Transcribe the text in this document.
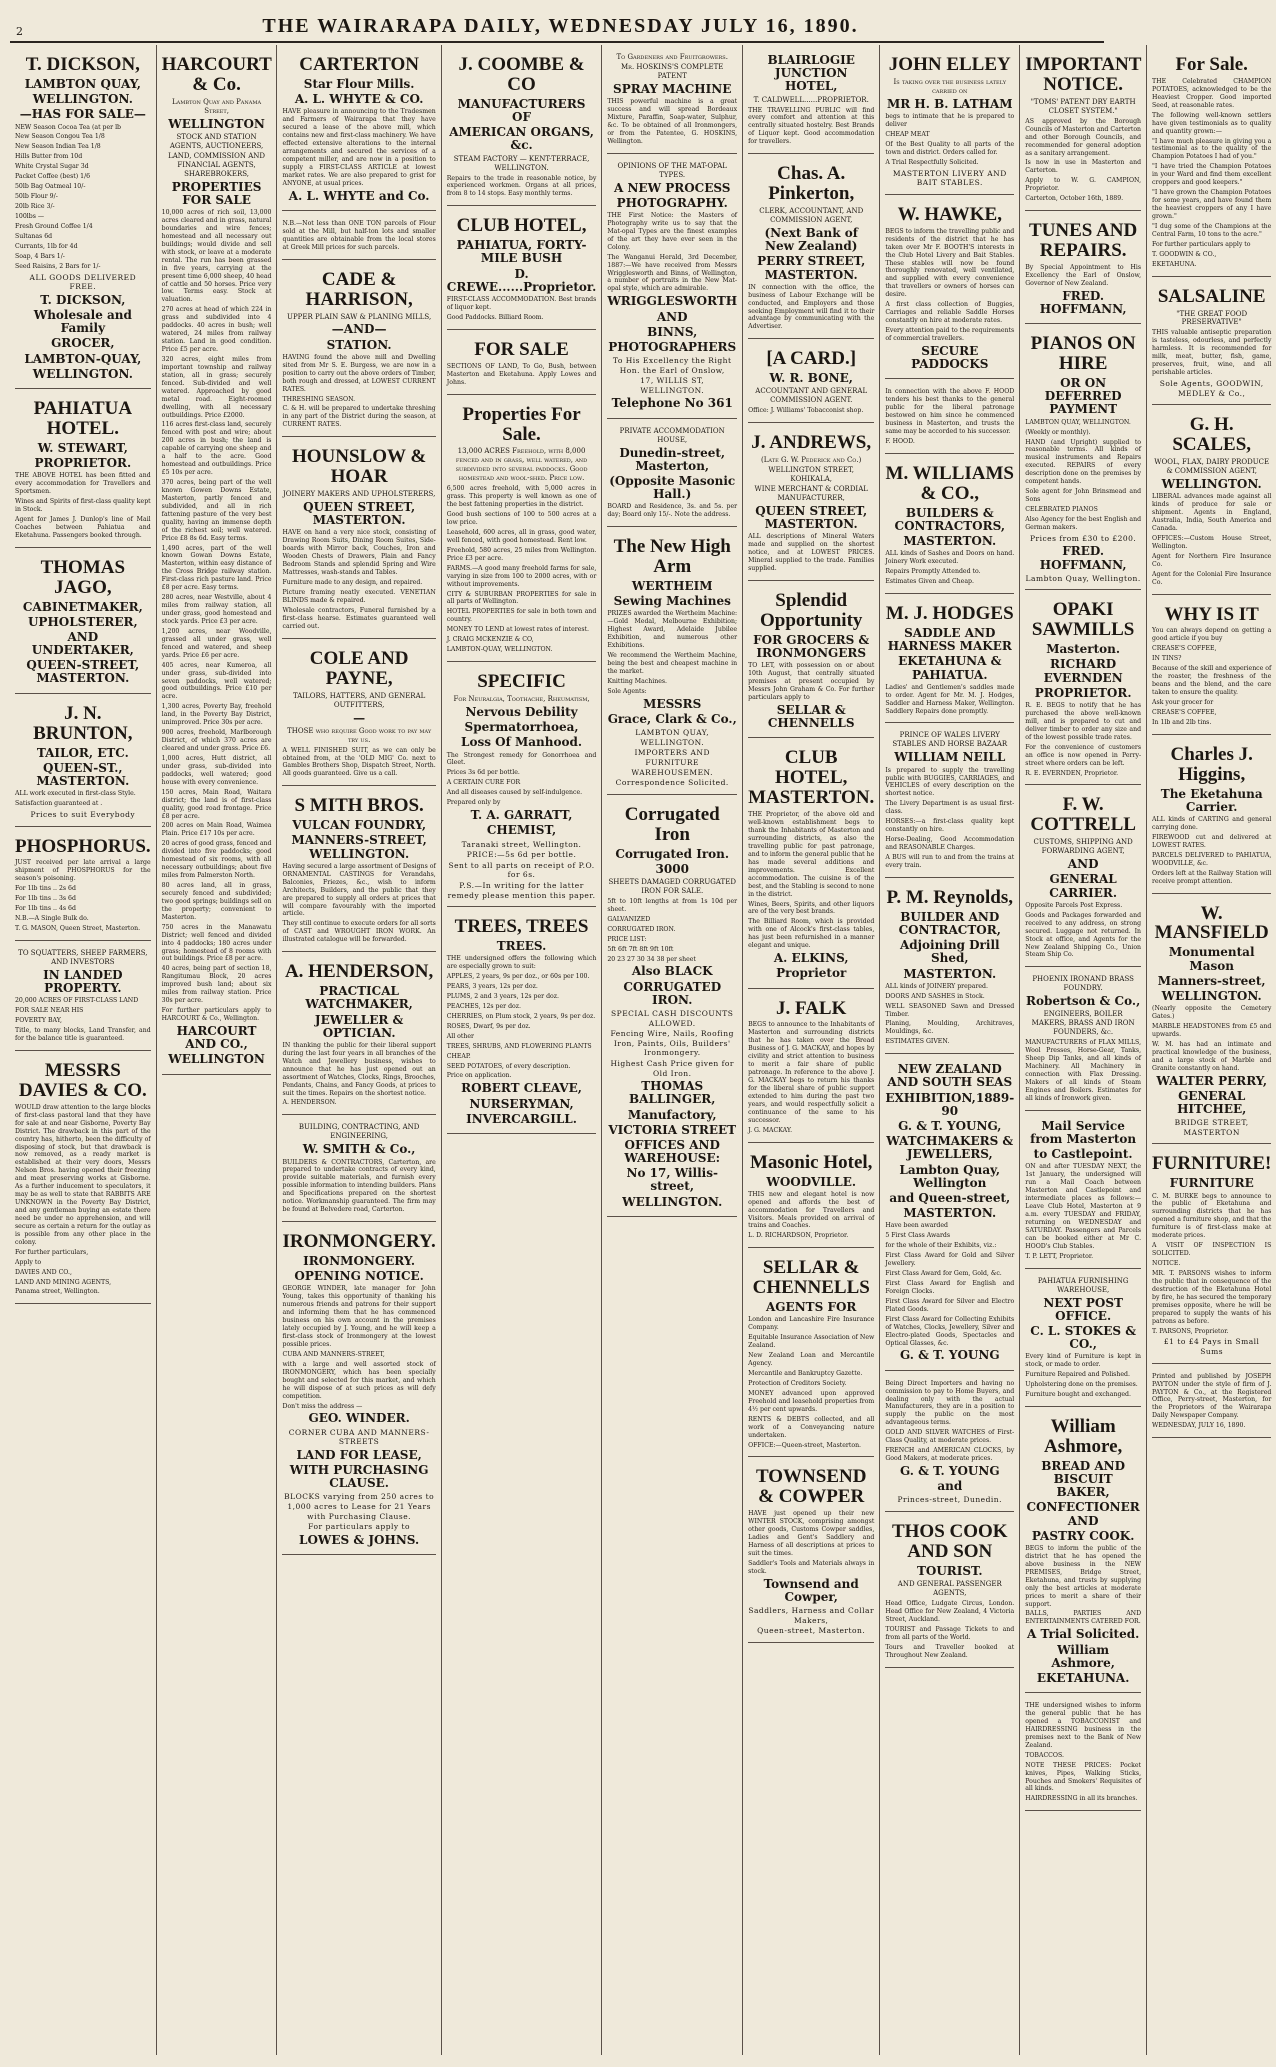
2	THE WAIRARAPA DAILY, WEDNESDAY JULY 16, 1890.
T. DICKSON,
LAMBTON QUAY,
WELLINGTON.
—HAS FOR SALE—
NEW Season Cocoa Tea (at per lb
New Season Congou Tea 1/8
New Season Indian Tea 1/8
Hills Butter from 10d
White Crystal Sugar 3d
Packet Coffee (best) 1/6
50lb Bag Oatmeal 10/-
50lb Flour 9/-
20lb Rice 3/-
100lbs —
Fresh Ground Coffee 1/4
Sultanas 6d
Currants, 1lb for 4d
Soap, 4 Bars 1/-
Seed Raisins, 2 Bars for 1/-
ALL GOODS DELIVERED FREE.
T. DICKSON,
Wholesale and Family
GROCER,
LAMBTON-QUAY,
WELLINGTON.
PAHIATUA HOTEL.
W. STEWART,
PROPRIETOR.
THE ABOVE HOTEL has been fitted and every accommodation for Travellers and Sportsmen.
Wines and Spirits of first-class quality kept in Stock.
Agent for James J. Dunlop's line of Mail Coaches between Pahiatua and Eketahuna. Passengers booked through.
THOMAS JAGO,
CABINETMAKER,
UPHOLSTERER,
AND UNDERTAKER,
QUEEN-STREET, MASTERTON.
J. N. BRUNTON,
TAILOR, ETC.
QUEEN-ST., MASTERTON.
ALL work executed in first-class Style.
Satisfaction guaranteed at .
Prices to suit Everybody
PHOSPHORUS.
JUST received per late arrival a large shipment of PHOSPHORUS for the season's poisoning.
For 1lb tins .. 2s 6d
For 1lb tins .. 3s 6d
For 1lb tins .. 4s 6d
N.B.—A Single Bulk do.
T. G. MASON, Queen Street, Masterton.
TO SQUATTERS, SHEEP FARMERS, AND INVESTORS
IN LANDED PROPERTY.
20,000 ACRES OF FIRST-CLASS LAND
FOR SALE NEAR HIS
FOVERTY BAY,
Title, to many blocks, Land Transfer, and for the balance title is guaranteed.
MESSRS DAVIES & CO.
WOULD draw attention to the large blocks of first-class pastoral land that they have for sale at and near Gisborne, Poverty Bay District. The drawback in this part of the country has, hitherto, been the difficulty of disposing of stock, but that drawback is now removed, as a ready market is established at their very doors, Messrs Nelson Bros. having opened their freezing and meat preserving works at Gisborne. As a further inducement to speculators, it may be as well to state that RABBITS ARE UNKNOWN in the Poverty Bay District, and any gentleman buying an estate there need be under no apprehension, and will secure as certain a return for the outlay as is possible from any other place in the colony.
For further particulars,
Apply to
DAVIES AND CO.,
LAND AND MINING AGENTS,
Panama street, Wellington.
HARCOURT & Co.
Lambton Quay and Panama Street,
WELLINGTON
STOCK AND STATION AGENTS, AUCTIONEERS,
LAND, COMMISSION AND FINANCIAL AGENTS, SHAREBROKERS,
PROPERTIES FOR SALE
10,000 acres of rich soil, 13,000 acres cleared and in grass, natural boundaries and wire fences; homestead and all necessary out buildings; would divide and sell with stock, or leave at a moderate rental. The run has been grassed in five years, carrying at the present time 6,000 sheep, 40 head of cattle and 50 horses. Price very low. Terms easy. Stock at valuation.
270 acres at head of which 224 in grass and subdivided into 4 paddocks. 40 acres in bush; well watered, 24 miles from railway station. Land in good condition. Price £5 per acre.
320 acres, eight miles from important township and railway station, all in grass; securely fenced. Sub-divided and well watered. Approached by good metal road. Eight-roomed dwelling, with all necessary outbuildings. Price £2000.
116 acres first-class land, securely fenced with post and wire; about 200 acres in bush; the land is capable of carrying one sheep and a half to the acre. Good homestead and outbuildings. Price £5 10s per acre.
370 acres, being part of the well known Gowen Downs Estate, Masterton, partly fenced and subdivided, and all in rich fattening pasture of the very best quality, having an immense depth of the richest soil; well watered. Price £8 8s 6d. Easy terms.
1,490 acres, part of the well known Gowan Downs Estate, Masterton, within easy distance of the Cross Bridge railway station. First-class rich pasture land. Price £8 per acre. Easy terms.
280 acres, near Westville, about 4 miles from railway station, all under grass, good homestead and stock yards. Price £3 per acre.
1,200 acres, near Woodville, grassed all under grass, well fenced and watered, and sheep yards. Price £6 per acre.
405 acres, near Kumeroa, all under grass, sub-divided into seven paddocks, well watered; good outbuildings. Price £10 per acre.
1,300 acres, Poverty Bay, freehold land, in the Poverty Bay District, unimproved. Price 30s per acre.
900 acres, freehold, Marlborough District, of which 370 acres are cleared and under grass. Price £6.
1,000 acres, Hutt district, all under grass, sub-divided into paddocks, well watered; good house with every convenience.
150 acres, Main Road, Waitara district; the land is of first-class quality, good road frontage. Price £8 per acre.
200 acres on Main Road, Waimea Plain. Price £17 10s per acre.
20 acres of good grass, fenced and divided into five paddocks; good homestead of six rooms, with all necessary outbuildings; about five miles from Palmerston North.
80 acres land, all in grass, securely fenced and subdivided; two good springs; buildings sell on the property; convenient to Masterton.
750 acres in the Manawatu District; well fenced and divided into 4 paddocks; 180 acres under grass; homestead of 8 rooms with out buildings. Price £8 per acre.
40 acres, being part of section 18, Rangitumau Block, 20 acres improved bush land; about six miles from railway station. Price 30s per acre.
For further particulars apply to HARCOURT & Co., Wellington.
HARCOURT AND CO.,
WELLINGTON
CARTERTON
Star Flour Mills.
A. L. WHYTE & CO.
HAVE pleasure in announcing to the Tradesmen and Farmers of Wairarapa that they have secured a lease of the above mill, which contains new and first-class machinery. We have effected extensive alterations to the internal arrangements and secured the services of a competent miller, and are now in a position to supply a FIRST-CLASS ARTICLE at lowest market rates. We are also prepared to grist for ANYONE, at usual prices.
A. L. WHYTE and Co.
N.B.—Not less than ONE TON parcels of Flour sold at the Mill, but half-ton lots and smaller quantities are obtainable from the local stores at Greek Mill prices for such parcels.
CADE & HARRISON,
UPPER PLAIN SAW & PLANING MILLS,
—AND—
STATION.
HAVING found the above mill and Dwelling sited from Mr S. E. Burgess, we are now in a position to carry out the above orders of Timber, both rough and dressed, at LOWEST CURRENT RATES.
THRESHING SEASON.
C. & H. will be prepared to undertake threshing in any part of the District during the season, at CURRENT RATES.
HOUNSLOW & HOAR
JOINERY MAKERS AND UPHOLSTERERS,
QUEEN STREET, MASTERTON.
HAVE on hand a very nice stock, consisting of Drawing Room Suits, Dining Room Suites, Side-boards with Mirror back, Couches, Iron and Wooden Chests of Drawers, Plain and Fancy Bedroom Stands and splendid Spring and Wire Mattresses, wash-stands and Tables.
Furniture made to any design, and repaired.
Picture framing neatly executed. VENETIAN BLINDS made & repaired.
Wholesale contractors, Funeral furnished by a first-class hearse. Estimates guaranteed well carried out.
COLE AND PAYNE,
TAILORS, HATTERS, AND GENERAL OUTFITTERS,
—
THOSE who require Good work to pay may try us.
A WELL FINISHED SUIT, as we can only be obtained from, at the 'OLD MIG' Co. next to Gambles Brothers Shop, Dispatch Street, North. All goods guaranteed. Give us a call.
S MITH BROS.
VULCAN FOUNDRY,
MANNERS-STREET, WELLINGTON.
Having secured a large assortment of Designs of ORNAMENTAL CASTINGS for Verandahs, Balconies, Friezes, &c., wish to inform Architects, Builders, and the public that they are prepared to supply all orders at prices that will compare favourably with the imported article.
They still continue to execute orders for all sorts of CAST and WROUGHT IRON WORK. An illustrated catalogue will be forwarded.
A. HENDERSON,
PRACTICAL WATCHMAKER,
JEWELLER & OPTICIAN.
IN thanking the public for their liberal support during the last four years in all branches of the Watch and Jewellery business, wishes to announce that he has just opened out an assortment of Watches, Clocks, Rings, Brooches, Pendants, Chains, and Fancy Goods, at prices to suit the times. Repairs on the shortest notice.
A. HENDERSON.
BUILDING, CONTRACTING, AND ENGINEERING,
W. SMITH & Co.,
BUILDERS & CONTRACTORS, Carterton, are prepared to undertake contracts of every kind, provide suitable materials, and furnish every possible information to intending builders. Plans and Specifications prepared on the shortest notice. Workmanship guaranteed. The firm may be found at Belvedere road, Carterton.
IRONMONGERY.
IRONMONGERY.
OPENING NOTICE.
GEORGE WINDER, late manager for John Young, takes this opportunity of thanking his numerous friends and patrons for their support and informing them that he has commenced business on his own account in the premises lately occupied by J. Young, and he will keep a first-class stock of Ironmongery at the lowest possible prices.
CUBA AND MANNERS-STREET,
with a large and well assorted stock of IRONMONGERY, which has been specially bought and selected for this market, and which he will dispose of at such prices as will defy competition.
Don't miss the address —
GEO. WINDER.
CORNER CUBA AND MANNERS-STREETS
LAND FOR LEASE,
WITH PURCHASING CLAUSE.
BLOCKS varying from 250 acres to 1,000 acres to Lease for 21 Years with Purchasing Clause.
For particulars apply to
LOWES & JOHNS.
J. COOMBE & CO
MANUFACTURERS OF
AMERICAN ORGANS, &c.
STEAM FACTORY — KENT-TERRACE, WELLINGTON.
Repairs to the trade in reasonable notice, by experienced workmen. Organs at all prices, from 8 to 14 stops. Easy monthly terms.
CLUB HOTEL,
PAHIATUA, FORTY-MILE BUSH
D. CREWE......Proprietor.
FIRST-CLASS ACCOMMODATION. Best brands of liquor kept.
Good Paddocks. Billiard Room.
FOR SALE
SECTIONS OF LAND, To Go, Bush, between Masterton and Eketahuna. Apply Lowes and Johns.
Properties For Sale.
13,000 ACRES Freehold, with 8,000 fenced and in grass, well watered, and subdivided into several paddocks. Good homestead and wool-shed. Price low.
6,500 acres freehold, with 5,000 acres in grass. This property is well known as one of the best fattening properties in the district.
Good bush sections of 100 to 500 acres at a low price.
Leasehold, 600 acres, all in grass, good water, well fenced, with good homestead. Rent low.
Freehold, 580 acres, 25 miles from Wellington. Price £3 per acre.
FARMS.—A good many freehold farms for sale, varying in size from 100 to 2000 acres, with or without improvements.
CITY & SUBURBAN PROPERTIES for sale in all parts of Wellington.
HOTEL PROPERTIES for sale in both town and country.
MONEY TO LEND at lowest rates of interest.
J. CRAIG MCKENZIE & CO,
LAMBTON-QUAY, WELLINGTON.
SPECIFIC
For Neuralgia, Toothache, Rheumatism,
Nervous Debility
Spermatorrhoea,
Loss Of Manhood.
The Strongest remedy for Gonorrhoea and Gleet.
Prices 3s 6d per bottle.
A CERTAIN CURE FOR
And all diseases caused by self-indulgence.
Prepared only by
T. A. GARRATT,
CHEMIST,
Taranaki street, Wellington.
PRICE:—5s 6d per bottle.
Sent to all parts on receipt of P.O. for 6s.
P.S.—In writing for the latter remedy please mention this paper.
TREES, TREES
TREES.
THE undersigned offers the following which are especially grown to suit:
APPLES, 2 years, 9s per doz., or 60s per 100.
PEARS, 3 years, 12s per doz.
PLUMS, 2 and 3 years, 12s per doz.
PEACHES, 12s per doz.
CHERRIES, on Plum stock, 2 years, 9s per doz.
ROSES, Dwarf, 9s per doz.
All other
TREES, SHRUBS, AND FLOWERING PLANTS
CHEAP.
SEED POTATOES, of every description.
Price on application.
ROBERT CLEAVE,
NURSERYMAN,
INVERCARGILL.
To Gardeners and Fruitgrowers.
Mr. HOSKINS'S COMPLETE PATENT
SPRAY MACHINE
THIS powerful machine is a great success and will spread Bordeaux Mixture, Paraffin, Soap-water, Sulphur, &c. To be obtained of all Ironmongers, or from the Patentee, G. HOSKINS, Wellington.
OPINIONS OF THE MAT-OPAL TYPES.
A NEW PROCESS
PHOTOGRAPHY.
THE First Notice: the Masters of Photography write us to say that the Mat-opal Types are the finest examples of the art they have ever seen in the Colony.
The Wanganui Herald, 3rd December, 1887:—We have received from Messrs Wrigglesworth and Binns, of Wellington, a number of portraits in the New Mat-opal style, which are admirable.
WRIGGLESWORTH
AND
BINNS,
PHOTOGRAPHERS
To His Excellency the Right Hon. the Earl of Onslow,
17, WILLIS ST, WELLINGTON.
Telephone No 361
PRIVATE ACCOMMODATION HOUSE,
Dunedin-street, Masterton,
(Opposite Masonic Hall.)
BOARD and Residence, 3s. and 5s. per day; Board only 15/-. Note the address.
The New High Arm
WERTHEIM
Sewing Machines
PRIZES awarded the Wertheim Machine:—Gold Medal, Melbourne Exhibition; Highest Award, Adelaide Jubilee Exhibition, and numerous other Exhibitions.
We recommend the Wertheim Machine, being the best and cheapest machine in the market.
Knitting Machines.
Sole Agents:
MESSRS
Grace, Clark & Co.,
LAMBTON QUAY, WELLINGTON.
IMPORTERS AND FURNITURE WAREHOUSEMEN.
Correspondence Solicited.
Corrugated Iron
Corrugated Iron.
3000
SHEETS DAMAGED CORRUGATED IRON FOR SALE.
5ft to 10ft lengths at from 1s 10d per sheet.
GALVANIZED
CORRUGATED IRON.
PRICE LIST:
5ft 6ft 7ft 8ft 9ft 10ft
20 23 27 30 34 38 per sheet
Also BLACK
CORRUGATED IRON.
SPECIAL CASH DISCOUNTS ALLOWED.
Fencing Wire, Nails, Roofing Iron, Paints, Oils, Builders' Ironmongery.
Highest Cash Price given for Old Iron.
THOMAS BALLINGER,
Manufactory,
VICTORIA STREET
OFFICES AND WAREHOUSE:
No 17, Willis-street,
WELLINGTON.
BLAIRLOGIE JUNCTION HOTEL,
T. CALDWELL......PROPRIETOR.
THE TRAVELLING PUBLIC will find every comfort and attention at this centrally situated hostelry. Best Brands of Liquor kept. Good accommodation for travellers.
Chas. A. Pinkerton,
CLERK, ACCOUNTANT, AND COMMISSION AGENT,
(Next Bank of New Zealand)
PERRY STREET, MASTERTON.
IN connection with the office, the business of Labour Exchange will be conducted, and Employers and those seeking Employment will find it to their advantage by communicating with the Advertiser.
[A CARD.]
W. R. BONE,
ACCOUNTANT AND GENERAL COMMISSION AGENT.
Office: J. Williams' Tobacconist shop.
J. ANDREWS,
(Late G. W. Pederick and Co.)
WELLINGTON STREET, KOHIKALA,
WINE MERCHANT & CORDIAL MANUFACTURER,
QUEEN STREET, MASTERTON.
ALL descriptions of Mineral Waters made and supplied on the shortest notice, and at LOWEST PRICES. Mineral supplied to the trade. Families supplied.
Splendid Opportunity
FOR GROCERS & IRONMONGERS
TO LET, with possession on or about 10th August, that centrally situated premises at present occupied by Messrs John Graham & Co. For further particulars apply to
SELLAR & CHENNELLS
CLUB HOTEL, MASTERTON.
THE Proprietor, of the above old and well-known establishment begs to thank the Inhabitants of Masterton and surrounding districts, as also the travelling public for past patronage, and to inform the general public that he has made several additions and improvements. Excellent accommodation. The cuisine is of the best, and the Stabling is second to none in the district.
Wines, Beers, Spirits, and other liquors are of the very best brands.
The Billiard Room, which is provided with one of Alcock's first-class tables, has just been refurnished in a manner elegant and unique.
A. ELKINS,
Proprietor
J. FALK
BEGS to announce to the Inhabitants of Masterton and surrounding districts that he has taken over the Bread Business of J. G. MACKAY, and hopes by civility and strict attention to business to merit a fair share of public patronage. In reference to the above J. G. MACKAY begs to return his thanks for the liberal share of public support extended to him during the past two years, and would respectfully solicit a continuance of the same to his successor.
J. G. MACKAY.
Masonic Hotel,
WOODVILLE.
THIS new and elegant hotel is now opened and affords the best of accommodation for Travellers and Visitors. Meals provided on arrival of trains and Coaches.
L. D. RICHARDSON, Proprietor.
SELLAR & CHENNELLS
AGENTS FOR
London and Lancashire Fire Insurance Company.
Equitable Insurance Association of New Zealand.
New Zealand Loan and Mercantile Agency.
Mercantile and Bankruptcy Gazette.
Protection of Creditors Society.
MONEY advanced upon approved Freehold and leasehold properties from 4½ per cent upwards.
RENTS & DEBTS collected, and all work of a Conveyancing nature undertaken.
OFFICE:—Queen-street, Masterton.
TOWNSEND & COWPER
HAVE just opened up their new WINTER STOCK, comprising amongst other goods, Customs Cowper saddles, Ladies and Gent's Saddlery and Harness of all descriptions at prices to suit the times.
Saddler's Tools and Materials always in stock.
Townsend and Cowper,
Saddlers, Harness and Collar Makers,
Queen-street, Masterton.
JOHN ELLEY
Is taking over the business lately carried on
MR H. B. LATHAM
begs to intimate that he is prepared to deliver
CHEAP MEAT
Of the Best Quality to all parts of the town and district. Orders called for.
A Trial Respectfully Solicited.
MASTERTON LIVERY AND BAIT STABLES.
W. HAWKE,
BEGS to inform the travelling public and residents of the district that he has taken over Mr F. BOOTH'S interests in the Club Hotel Livery and Bait Stables. These stables will now be found thoroughly renovated, well ventilated, and supplied with every convenience that travellers or owners of horses can desire.
A first class collection of Buggies, Carriages and reliable Saddle Horses constantly on hire at moderate rates.
Every attention paid to the requirements of commercial travellers.
SECURE PADDOCKS
In connection with the above F. HOOD tenders his best thanks to the general public for the liberal patronage bestowed on him since he commenced business in Masterton, and trusts the same may be accorded to his successor.
F. HOOD.
M. WILLIAMS & CO.,
BUILDERS & CONTRACTORS,
MASTERTON.
ALL kinds of Sashes and Doors on hand. Joinery Work executed.
Repairs Promptly Attended to.
Estimates Given and Cheap.
M. J. HODGES
SADDLE AND HARNESS MAKER
EKETAHUNA & PAHIATUA.
Ladies' and Gentlemen's saddles made to order. Agent for Mr. M. J. Hodges, Saddler and Harness Maker, Wellington. Saddlery Repairs done promptly.
PRINCE OF WALES LIVERY STABLES AND HORSE BAZAAR
WILLIAM NEILL
Is prepared to supply the travelling public with BUGGIES, CARRIAGES, and VEHICLES of every description on the shortest notice.
The Livery Department is as usual first-class.
HORSES:—a first-class quality kept constantly on hire.
Horse-Dealing, Good Accommodation and REASONABLE Charges.
A BUS will run to and from the trains at every train.
P. M. Reynolds,
BUILDER AND CONTRACTOR,
Adjoining Drill Shed,
MASTERTON.
ALL kinds of JOINERY prepared.
DOORS AND SASHES in Stock.
WELL SEASONED Sawn and Dressed Timber.
Planing, Moulding, Architraves, Mouldings, &c.
ESTIMATES GIVEN.
NEW ZEALAND AND SOUTH SEAS
EXHIBITION,1889-90
G. & T. YOUNG,
WATCHMAKERS & JEWELLERS,
Lambton Quay, Wellington
and Queen-street,
MASTERTON.
Have been awarded
5 First Class Awards
for the whole of their Exhibits, viz.:
First Class Award for Gold and Silver Jewellery.
First Class Award for Gem, Gold, &c.
First Class Award for English and Foreign Clocks.
First Class Award for Silver and Electro Plated Goods.
First Class Award for Collecting Exhibits of Watches, Clocks, Jewellery, Silver and Electro-plated Goods, Spectacles and Optical Glasses, &c.
G. & T. YOUNG
Being Direct Importers and having no commission to pay to Home Buyers, and dealing only with the actual Manufacturers, they are in a position to supply the public on the most advantageous terms.
GOLD AND SILVER WATCHES of First-Class Quality, at moderate prices.
FRENCH and AMERICAN CLOCKS, by Good Makers, at moderate prices.
G. & T. YOUNG
and
Princes-street, Dunedin.
THOS COOK AND SON
TOURIST.
AND GENERAL PASSENGER AGENTS,
Head Office, Ludgate Circus, London. Head Office for New Zealand, 4 Victoria Street, Auckland.
TOURIST and Passage Tickets to and from all parts of the World.
Tours and Traveller booked at Throughout New Zealand.
IMPORTANT NOTICE.
"TOMS' PATENT DRY EARTH CLOSET SYSTEM."
AS approved by the Borough Councils of Masterton and Carterton and other Borough Councils, and recommended for general adoption as a sanitary arrangement.
Is now in use in Masterton and Carterton.
Apply to W. G. CAMPION, Proprietor.
Carterton, October 16th, 1889.
TUNES AND REPAIRS.
By Special Appointment to His Excellency the Earl of Onslow, Governor of New Zealand.
FRED. HOFFMANN,
PIANOS ON HIRE
OR ON DEFERRED PAYMENT
LAMBTON QUAY, WELLINGTON.
(Weekly or monthly).
HAND (and Upright) supplied to reasonable terms. All kinds of musical instruments and Repairs executed. REPAIRS of every description done on the premises by competent hands.
Sole agent for John Brinsmead and Sons
CELEBRATED PIANOS
Also Agency for the best English and German makers.
Prices from £30 to £200.
FRED. HOFFMANN,
Lambton Quay, Wellington.
OPAKI SAWMILLS
Masterton.
RICHARD EVERNDEN
PROPRIETOR.
R. E. BEGS to notify that he has purchased the above well-known mill, and is prepared to cut and deliver timber to order any size and of the lowest possible trade rates.
For the convenience of customers an office is now opened in Perry-street where orders can be left.
R. E. EVERNDEN, Proprietor.
F. W. COTTRELL
CUSTOMS, SHIPPING AND FORWARDING AGENT,
AND
GENERAL CARRIER.
Opposite Parcels Post Express.
Goods and Packages forwarded and received to any address, on strong secured. Luggage not returned. In Stock at office, and Agents for the New Zealand Shipping Co., Union Steam Ship Co.
PHOENIX IRONAND BRASS FOUNDRY.
Robertson & Co.,
ENGINEERS, BOILER MAKERS, BRASS AND IRON FOUNDERS, &c.
MANUFACTURERS of FLAX MILLS, Wool Presses, Horse-Gear, Tanks, Sheep Dip Tanks, and all kinds of Machinery. All Machinery in connection with Flax Dressing. Makers of all kinds of Steam Engines and Boilers. Estimates for all kinds of Ironwork given.
Mail Service from Masterton
to Castlepoint.
ON and after TUESDAY NEXT, the 1st January, the undersigned will run a Mail Coach between Masterton and Castlepoint and intermediate places as follows:— Leave Club Hotel, Masterton at 9 a.m. every TUESDAY and FRIDAY, returning on WEDNESDAY and SATURDAY. Passengers and Parcels can be booked either at Mr C. HOOD's Club Stables.
T. P. LETT, Proprietor.
PAHIATUA FURNISHING WAREHOUSE,
NEXT POST OFFICE.
C. L. STOKES & CO.,
Every kind of Furniture is kept in stock, or made to order.
Furniture Repaired and Polished.
Upholstering done on the premises.
Furniture bought and exchanged.
William Ashmore,
BREAD AND BISCUIT BAKER,
CONFECTIONER AND
PASTRY COOK.
BEGS to inform the public of the district that he has opened the above business in the NEW PREMISES, Bridge Street, Eketahuna, and trusts by supplying only the best articles at moderate prices to merit a share of their support.
BALLS, PARTIES AND ENTERTAINMENTS CATERED FOR.
A Trial Solicited.
William Ashmore,
EKETAHUNA.
THE undersigned wishes to inform the general public that he has opened a TOBACCONIST and HAIRDRESSING business in the premises next to the Bank of New Zealand.
TOBACCOS.
NOTE THESE PRICES: Pocket knives, Pipes, Walking Sticks, Pouches and Smokers' Requisites of all kinds.
HAIRDRESSING in all its branches.
For Sale.
THE Celebrated CHAMPION POTATOES, acknowledged to be the Heaviest Cropper. Good imported Seed, at reasonable rates.
The following well-known settlers have given testimonials as to quality and quantity grown:—
"I have much pleasure in giving you a testimonial as to the quality of the Champion Potatoes I had of you."
"I have tried the Champion Potatoes in your Ward and find them excellent croppers and good keepers."
"I have grown the Champion Potatoes for some years, and have found them the heaviest croppers of any I have grown."
"I dug some of the Champions at the Central Farm, 10 tons to the acre."
For further particulars apply to
T. GOODWIN & CO.,
EKETAHUNA.
SALSALINE
"THE GREAT FOOD PRESERVATIVE"
THIS valuable antiseptic preparation is tasteless, odourless, and perfectly harmless. It is recommended for milk, meat, butter, fish, game, preserves, fruit, wine, and all perishable articles.
Sole Agents, GOODWIN, MEDLEY & Co.,
G. H. SCALES,
WOOL, FLAX, DAIRY PRODUCE & COMMISSION AGENT,
WELLINGTON.
LIBERAL advances made against all kinds of produce for sale or shipment. Agents in England, Australia, India, South America and Canada.
OFFICES:—Custom House Street, Wellington.
Agent for Northern Fire Insurance Co.
Agent for the Colonial Fire Insurance Co.
WHY IS IT
You can always depend on getting a good article if you buy
CREASE'S COFFEE,
IN TINS?
Because of the skill and experience of the roaster, the freshness of the beans and the blend, and the care taken to ensure the quality.
Ask your grocer for
CREASE'S COFFEE,
In 1lb and 2lb tins.
Charles J. Higgins,
The Eketahuna Carrier.
ALL kinds of CARTING and general carrying done.
FIREWOOD cut and delivered at LOWEST RATES.
PARCELS DELIVERED to PAHIATUA, WOODVILLE, &c.
Orders left at the Railway Station will receive prompt attention.
W. MANSFIELD
Monumental Mason
Manners-street,
WELLINGTON.
(Nearly opposite the Cemetery Gates.)
MARBLE HEADSTONES from £5 and upwards.
W. M. has had an intimate and practical knowledge of the business, and a large stock of Marble and Granite constantly on hand.
WALTER PERRY,
GENERAL HITCHEE,
BRIDGE STREET, MASTERTON
FURNITURE!
FURNITURE
C. M. BURKE begs to announce to the public of Eketahuna and surrounding districts that he has opened a furniture shop, and that the furniture is of first-class make at moderate prices.
A VISIT OF INSPECTION IS SOLICITED.
NOTICE.
MR. T. PARSONS wishes to inform the public that in consequence of the destruction of the Eketahuna Hotel by fire, he has secured the temporary premises opposite, where he will be prepared to supply the wants of his patrons as before.
T. PARSONS, Proprietor.
£1 to £4 Pays in Small Sums
Printed and published by JOSEPH PAYTON under the style of firm of J. PAYTON & Co., at the Registered Office, Perry-street, Masterton, for the Proprietors of the Wairarapa Daily Newspaper Company.
WEDNESDAY, JULY 16, 1890.
